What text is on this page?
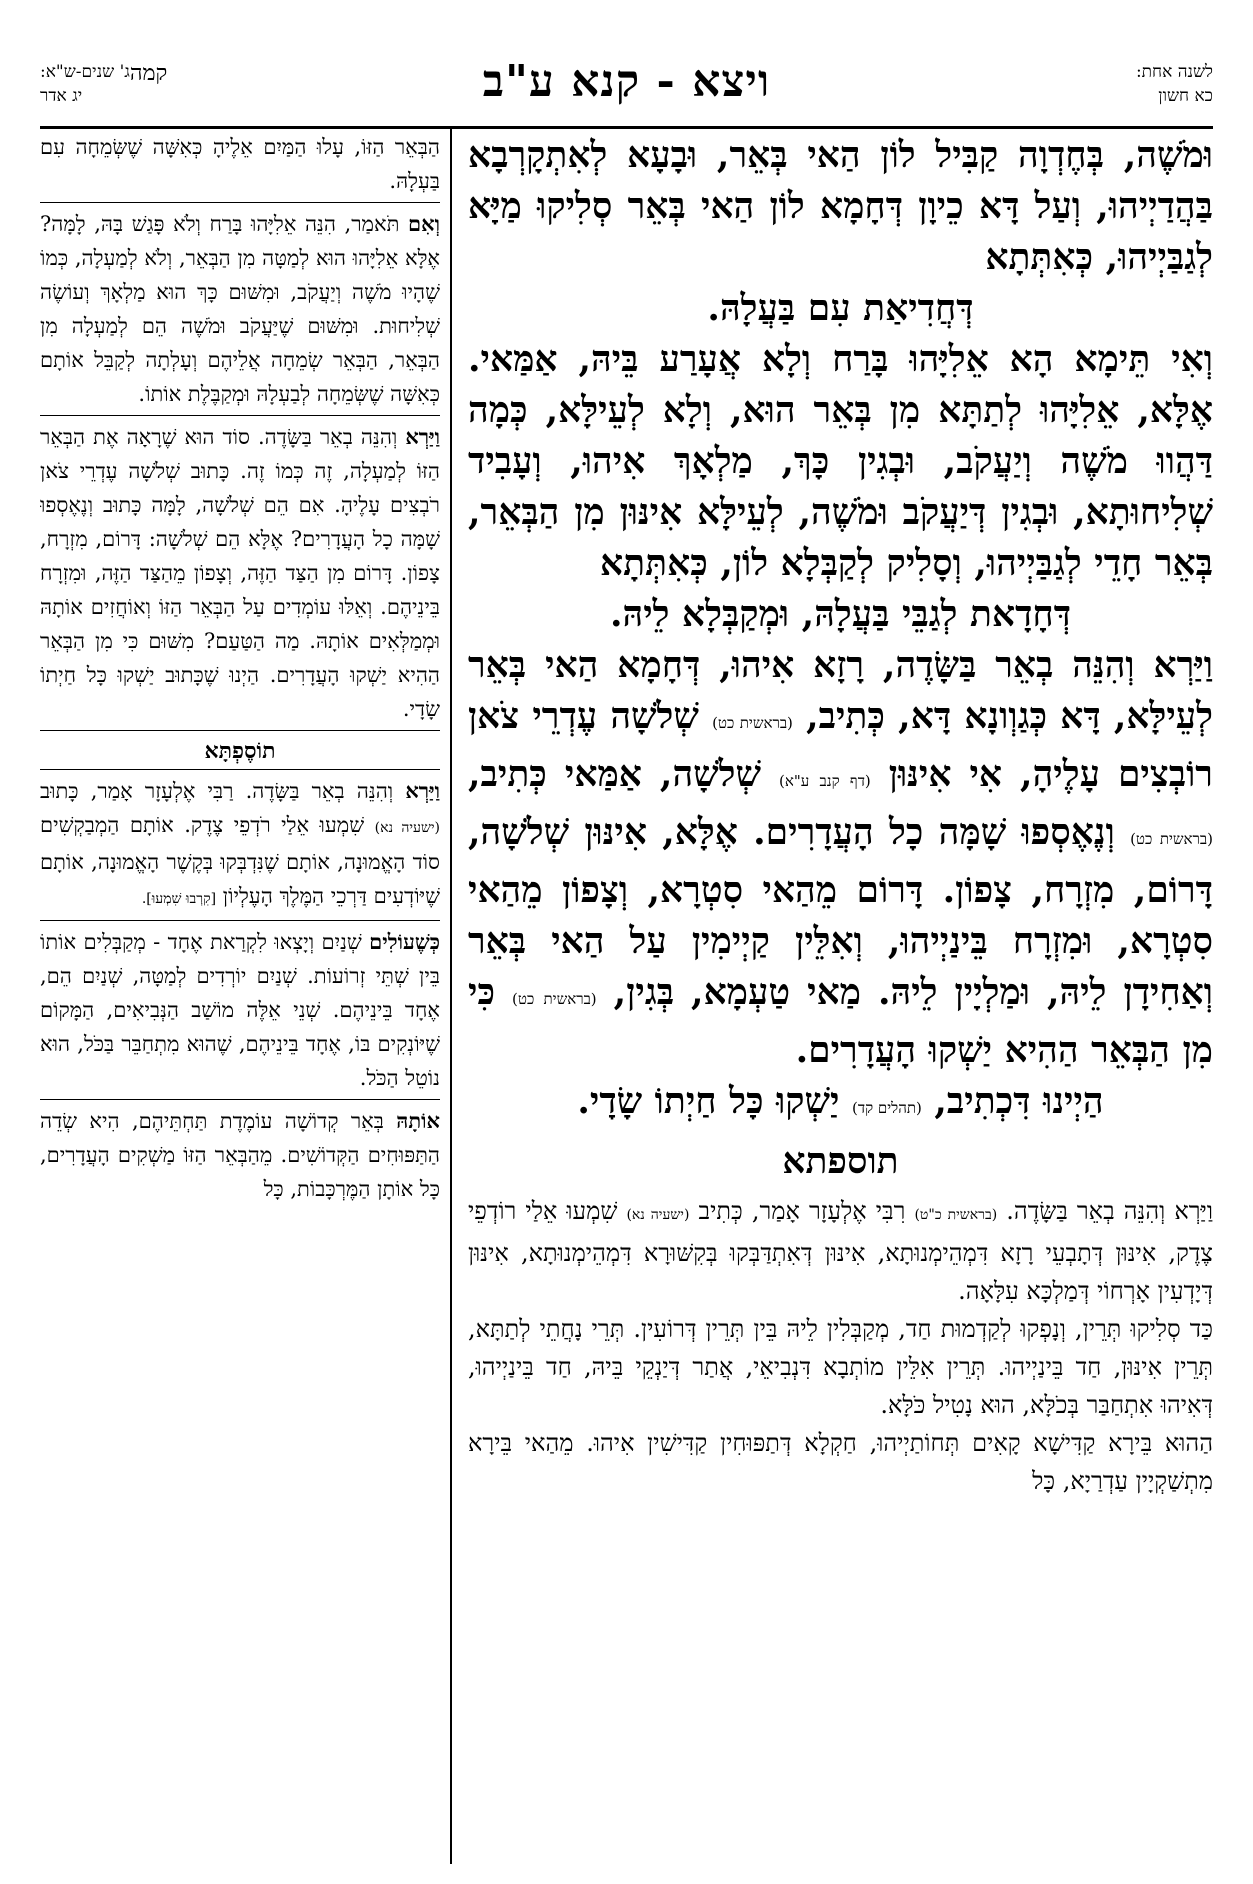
לשנה אחת:
כא חשון
ויצא - קנא ע"ב
ג' שנים-ש"א:
יג אדר
קמה

וּמֹשֶׁה, בְּחֶדְוָה קַבִּיל לוֹן הַאי בְּאֵר, וּבָעָא לְאִתְקָרְבָא בַּהֲדַיְיהוּ, וְעַל דָּא כֵיוָן דְּחָמָא לוֹן הַאי בְּאֵר סְלִיקוּ מַיָּא לְגַבַּיְיהוּ, כְּאִתְּתָא

דְּחֲדִיאַת עִם בַּעֲלָהּ.

וְאִי תֵּימָא הָא אֵלִיָּהוּ בָּרַח וְלָא אֲעָרַע בֵּיהּ, אַמַּאי. אֶלָּא, אֵלִיָּהוּ לְתַתָּא מִן בְּאֵר הוּא, וְלָא לְעֵילָּא, כְּמָה דַּהֲווּ מֹשֶׁה וְיַעֲקֹב, וּבְגִין כָּךְ, מַלְאָךְ אִיהוּ, וְעָבִיד שְׁלִיחוּתָא, וּבְגִין דְּיַעֲקֹב וּמֹשֶׁה, לְעֵילָּא אִינּוּן מִן הַבְּאֵר, בְּאֵר חָדֵי לְגַבַּיְיהוּ, וְסָלִיק לְקַבְּלָא לוֹן, כְּאִתְּתָא

דְּחָדָאת לְגַבֵּי בַּעֲלָהּ, וּמְקַבְּלָא לֵיהּ.

וַיַּרְא וְהִנֵּה בְאֵר בַּשָּׂדֶה, רָזָא אִיהוּ, דְּחָמָא הַאי בְּאֵר לְעֵילָּא, דָּא כְּגַוְונָא דָּא, כְּתִיב, (בראשית כט) שְׁלֹשָׁה עֶדְרֵי צֹאן רוֹבְצִים עָלֶיהָ, אִי אִינּוּן (דף קנב ע"א) שְׁלֹשָׁה, אַמַּאי כְּתִיב, (בראשית כט) וְנֶאֶסְפוּ שָׁמָּה כָל הָעֲדָרִים. אֶלָּא, אִינּוּן שְׁלֹשָׁה, דָּרוֹם, מִזְרָח, צָפוֹן. דָּרוֹם מֵהַאי סִטְרָא, וְצָפוֹן מֵהַאי סִטְרָא, וּמִזְרָח בֵּינַיְיהוּ, וְאִלֵּין קַיְימִין עַל הַאי בְּאֵר וְאַחִידָן לֵיהּ, וּמַלְיָין לֵיהּ. מַאי טַעְמָא, בְּגִין, (בראשית כט) כִּי מִן הַבְּאֵר הַהִיא יַשְׁקוּ הָעֲדָרִים.

הַיְינוּ דִּכְתִיב, (תהלים קד) יַשְׁקוּ כָּל חַיְתוֹ שָׂדָי.

תוספתא

וַיַּרְא וְהִנֵּה בְאֵר בַּשָּׂדֶה. (בראשית כ"ט) רִבִּי אֶלְעָזָר אָמַר, כְּתִיב (ישעיה נא) שִׁמְעוּ אֵלַי רוֹדְפֵי צֶדֶק, אִינּוּן דְּתָבְעֵי רָזָא דִּמְהֵימְנוּתָא, אִינּוּן דְּאִתְדַּבְּקוּ בְּקִשּׁוּרָא דִּמְהֵימְנוּתָא, אִינּוּן דְּיָדְעִין אָרְחוֹי דְּמַלְכָּא עִלָּאָה.

כַּד סְלִיקוּ תְּרֵין, וְנָפְקוּ לְקַדְמוּת חַד, מְקַבְּלִין לֵיהּ בֵּין תְּרֵין דְּרוֹעִין. תְּרֵי נָחֲתֵי לְתַתָּא, תְּרֵין אִינּוּן, חַד בֵּינַיְיהוּ. תְּרֵין אִלֵּין מוֹתְבָא דִּנְבִיאֵי, אֲתַר דְּיַנְקֵי בֵּיהּ, חַד בֵּינַיְיהוּ, דְּאִיהוּ אִתְחַבַּר בְּכֹלָּא, הוּא נָטִיל כֹּלָּא.

הַהוּא בֵּירָא קַדִּישָׁא קָאִים תְּחוֹתַיְיהוּ, חַקְלָא דְּתַפּוּחִין קַדִּישִׁין אִיהוּ. מֵהַאי בֵּירָא מִתְשַׁקְיָין עַדְרַיָא, כָּל

הַבְּאֵר הַזּוֹ, עָלוּ הַמַּיִם אֵלֶיהָ כְּאִשָּׁה שֶׁשְּׂמֵחָה עִם בַּעְלָהּ.

וְאִם תֹּאמַר, הִנֵּה אֵלִיָּהוּ בָּרַח וְלֹא פָּגַשׁ בָּהּ, לָמָּה? אֶלָּא אֵלִיָּהוּ הוּא לְמַטָּה מִן הַבְּאֵר, וְלֹא לְמַעְלָה, כְּמוֹ שֶׁהָיוּ מֹשֶׁה וְיַעֲקֹב, וּמִשּׁוּם כָּךְ הוּא מַלְאָךְ וְעוֹשֶׂה שְׁלִיחוּת. וּמִשּׁוּם שֶׁיַּעֲקֹב וּמֹשֶׁה הֵם לְמַעְלָה מִן הַבְּאֵר, הַבְּאֵר שְׂמֵחָה אֲלֵיהֶם וְעָלְתָה לְקַבֵּל אוֹתָם כְּאִשָּׁה שֶׁשְּׂמֵחָה לְבַעְלָהּ וּמְקַבֶּלֶת אוֹתוֹ.

וַיַּרְא וְהִנֵּה בְאֵר בַּשָּׂדֶה. סוֹד הוּא שֶׁרָאָה אֶת הַבְּאֵר הַזּוֹ לְמַעְלָה, זֶה כְּמוֹ זֶה. כָּתוּב שְׁלֹשָׁה עֶדְרֵי צֹאן רֹבְצִים עָלֶיהָ. אִם הֵם שְׁלֹשָׁה, לָמָּה כָּתוּב וְנֶאֶסְפוּ שָׁמָּה כָל הָעֲדָרִים? אֶלָּא הֵם שְׁלֹשָׁה: דָּרוֹם, מִזְרָח, צָפוֹן. דָּרוֹם מִן הַצַּד הַזֶּה, וְצָפוֹן מֵהַצַּד הַזֶּה, וּמִזְרָח בֵּינֵיהֶם. וְאֵלּוּ עוֹמְדִים עַל הַבְּאֵר הַזּוֹ וְאוֹחֲזִים אוֹתָהּ וּמְמַלְּאִים אוֹתָהּ. מַה הַטַּעַם? מִשּׁוּם כִּי מִן הַבְּאֵר הַהִיא יַשְׁקוּ הָעֲדָרִים. הַיְנוּ שֶׁכָּתוּב יַשְׁקוּ כָּל חַיְתוֹ שָׂדָי.

תוֹסֶפְתָּא

וַיַּרְא וְהִנֵּה בְאֵר בַּשָּׂדֶה. רַבִּי אֶלְעָזָר אָמַר, כָּתוּב (ישעיה נא) שִׁמְעוּ אֵלַי רֹדְפֵי צֶדֶק. אוֹתָם הַמְבַקְשִׁים סוֹד הָאֱמוּנָה, אוֹתָם שֶׁנִּדְבְּקוּ בְּקֶשֶׁר הָאֱמוּנָה, אוֹתָם שֶׁיּוֹדְעִים דַּרְכֵי הַמֶּלֶךְ הָעֶלְיוֹן [קִרְבוּ שִׁמְעוּ].

כְּשֶׁעוֹלִים שְׁנַיִם וְיָצְאוּ לִקְרַאת אֶחָד - מְקַבְּלִים אוֹתוֹ בֵּין שְׁתֵּי זְרוֹעוֹת. שְׁנַיִם יוֹרְדִים לְמַטָּה, שְׁנַיִם הֵם, אֶחָד בֵּינֵיהֶם. שְׁנֵי אֵלֶּה מוֹשַׁב הַנְּבִיאִים, הַמָּקוֹם שֶׁיּוֹנְקִים בּוֹ, אֶחָד בֵּינֵיהֶם, שֶׁהוּא מִתְחַבֵּר בַּכֹּל, הוּא נוֹטֵל הַכֹּל.

אוֹתָהּ בְּאֵר קְדוֹשָׁה עוֹמֶדֶת תַּחְתֵּיהֶם, הִיא שְׂדֵה הַתַּפּוּחִים הַקְּדוֹשִׁים. מֵהַבְּאֵר הַזּוֹ מַשְׁקִים הָעֲדָרִים, כָּל אוֹתָן הַמֶּרְכָּבוֹת, כָּל
